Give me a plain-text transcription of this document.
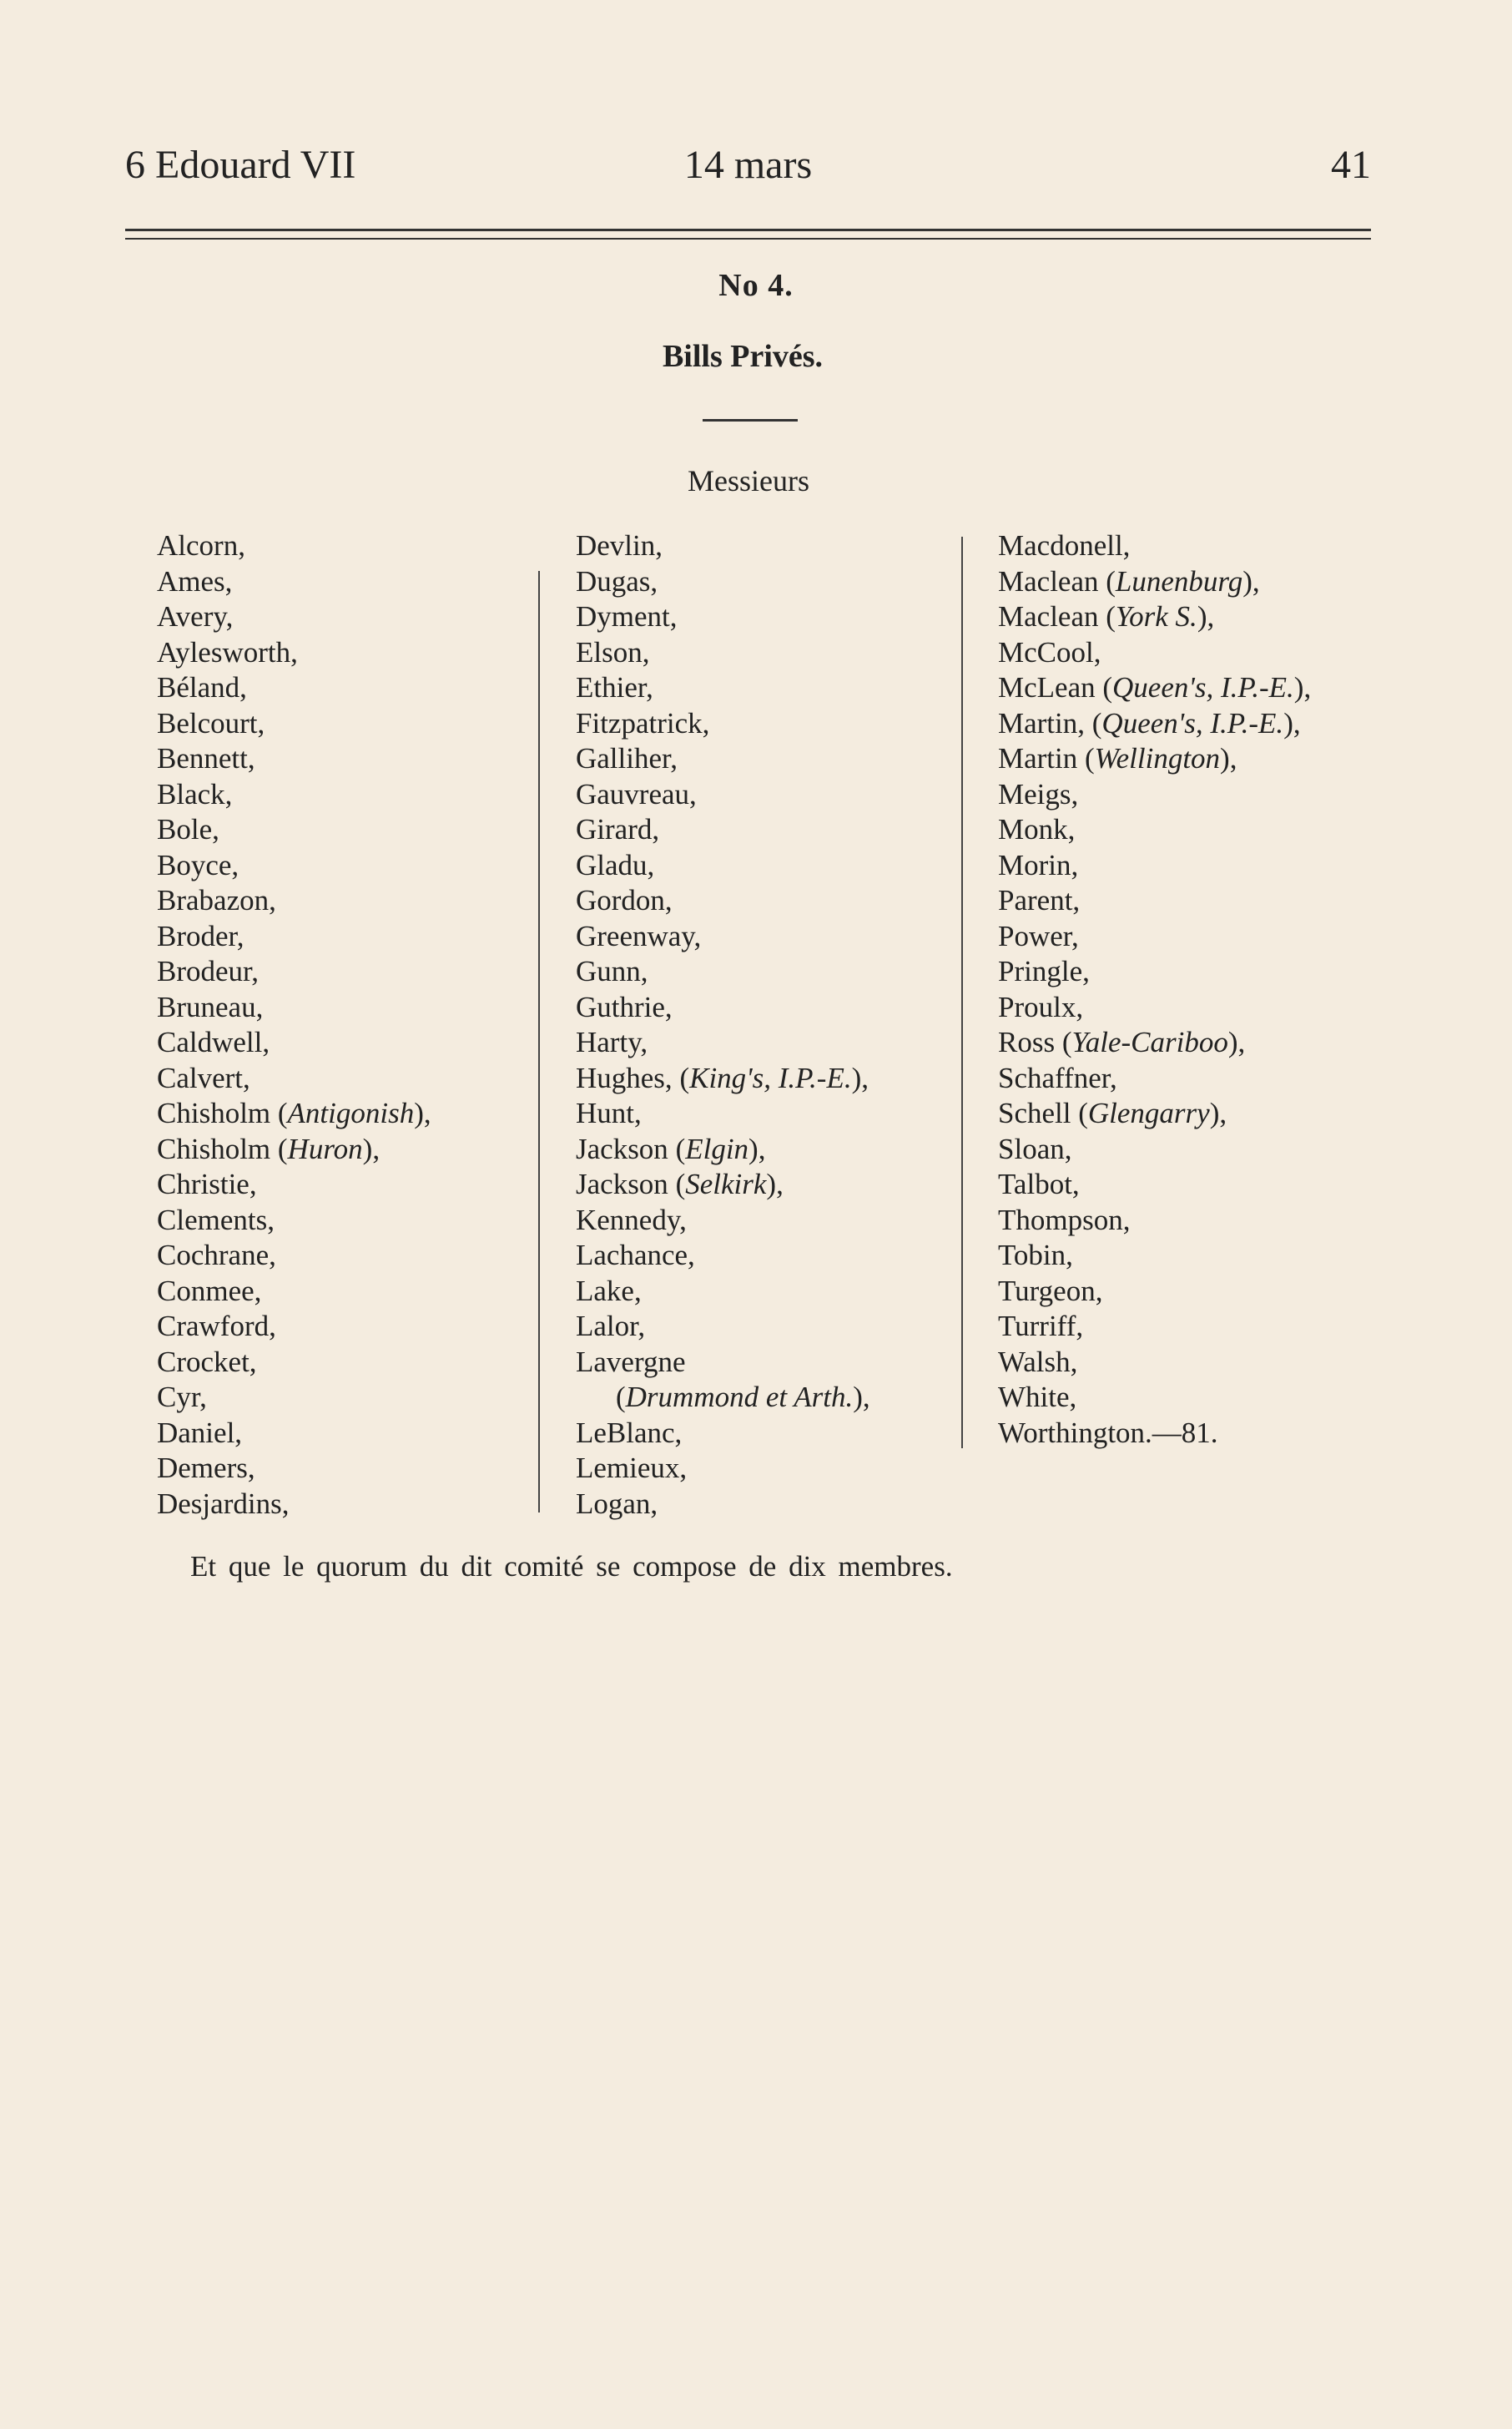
6 Edouard VII	14 mars	41
No 4.
Bills Privés.
Messieurs
Alcorn,
Ames,
Avery,
Aylesworth,
Béland,
Belcourt,
Bennett,
Black,
Bole,
Boyce,
Brabazon,
Broder,
Brodeur,
Bruneau,
Caldwell,
Calvert,
Chisholm (Antigonish),
Chisholm (Huron),
Christie,
Clements,
Cochrane,
Conmee,
Crawford,
Crocket,
Cyr,
Daniel,
Demers,
Desjardins,
Devlin,
Dugas,
Dyment,
Elson,
Ethier,
Fitzpatrick,
Galliher,
Gauvreau,
Girard,
Gladu,
Gordon,
Greenway,
Gunn,
Guthrie,
Harty,
Hughes, (King's, I.P.-E.),
Hunt,
Jackson (Elgin),
Jackson (Selkirk),
Kennedy,
Lachance,
Lake,
Lalor,
Lavergne
(Drummond et Arth.),
LeBlanc,
Lemieux,
Logan,
Macdonell,
Maclean (Lunenburg),
Maclean (York S.),
McCool,
McLean (Queen's, I.P.-E.),
Martin, (Queen's, I.P.-E.),
Martin (Wellington),
Meigs,
Monk,
Morin,
Parent,
Power,
Pringle,
Proulx,
Ross (Yale-Cariboo),
Schaffner,
Schell (Glengarry),
Sloan,
Talbot,
Thompson,
Tobin,
Turgeon,
Turriff,
Walsh,
White,
Worthington.—81.
Et que le quorum du dit comité se compose de dix membres.
